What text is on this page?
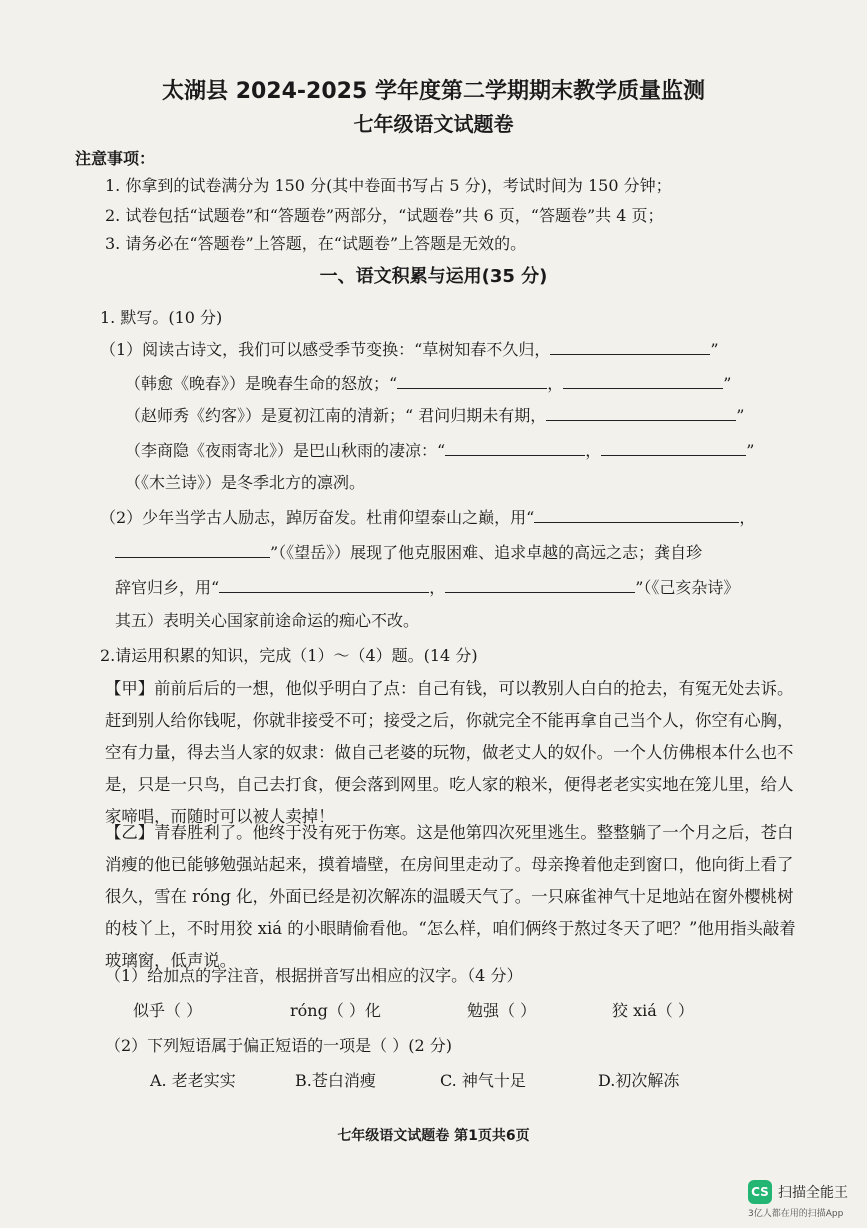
太湖县 2024-2025 学年度第二学期期末教学质量监测
七年级语文试题卷
注意事项：
1. 你拿到的试卷满分为 150 分(其中卷面书写占 5 分)，考试时间为 150 分钟；
2. 试卷包括“试题卷”和“答题卷”两部分，“试题卷”共 6 页，“答题卷”共 4 页；
3. 请务必在“答题卷”上答题，在“试题卷”上答题是无效的。
一、语文积累与运用(35 分)
1. 默写。(10 分)
（1）阅读古诗文，我们可以感受季节变换：“草树知春不久归，	”
（韩愈《晚春》）是晚春生命的怒放；“	，	”
（赵师秀《约客》）是夏初江南的清新；“ 君问归期未有期，	”
（李商隐《夜雨寄北》）是巴山秋雨的凄凉：“	，	”
（《木兰诗》）是冬季北方的凛冽。
（2）少年当学古人励志，踔厉奋发。杜甫仰望泰山之巅，用“	，
”（《望岳》）展现了他克服困难、追求卓越的高远之志；龚自珍
辞官归乡，用“	，	”（《己亥杂诗》
其五）表明关心国家前途命运的痴心不改。
2.请运用积累的知识，完成（1）～（4）题。(14 分)
【甲】前前后后的一想，他似乎明白了点：自己有钱，可以教别人白白的抢去，有冤无处去诉。赶到别人给你钱呢，你就非接受不可；接受之后，你就完全不能再拿自己当个人，你空有心胸，空有力量，得去当人家的奴隶：做自己老婆的玩物，做老丈人的奴仆。一个人仿佛根本什么也不是，只是一只鸟，自己去打食，便会落到网里。吃人家的粮米，便得老老实实地在笼儿里，给人家啼唱，而随时可以被人卖掉！
【乙】青春胜利了。他终于没有死于伤寒。这是他第四次死里逃生。整整躺了一个月之后，苍白消瘦的他已能够勉强站起来，摸着墙壁，在房间里走动了。母亲搀着他走到窗口，他向街上看了很久，雪在 róng 化，外面已经是初次解冻的温暖天气了。一只麻雀神气十足地站在窗外樱桃树的枝丫上，不时用狡 xiá 的小眼睛偷看他。“怎么样，咱们俩终于熬过冬天了吧？”他用指头敲着玻璃窗，低声说。
（1）给加点的字注音，根据拼音写出相应的汉字。（4 分）
似乎（ ）	róng（ ）化	勉强（ ）	狡 xiá（ ）
（2）下列短语属于偏正短语的一项是（ ）(2 分)
A. 老老实实	B.苍白消瘦	C. 神气十足	D.初次解冻
七年级语文试题卷 第1页共6页
CS 扫描全能王
3亿人都在用的扫描App
